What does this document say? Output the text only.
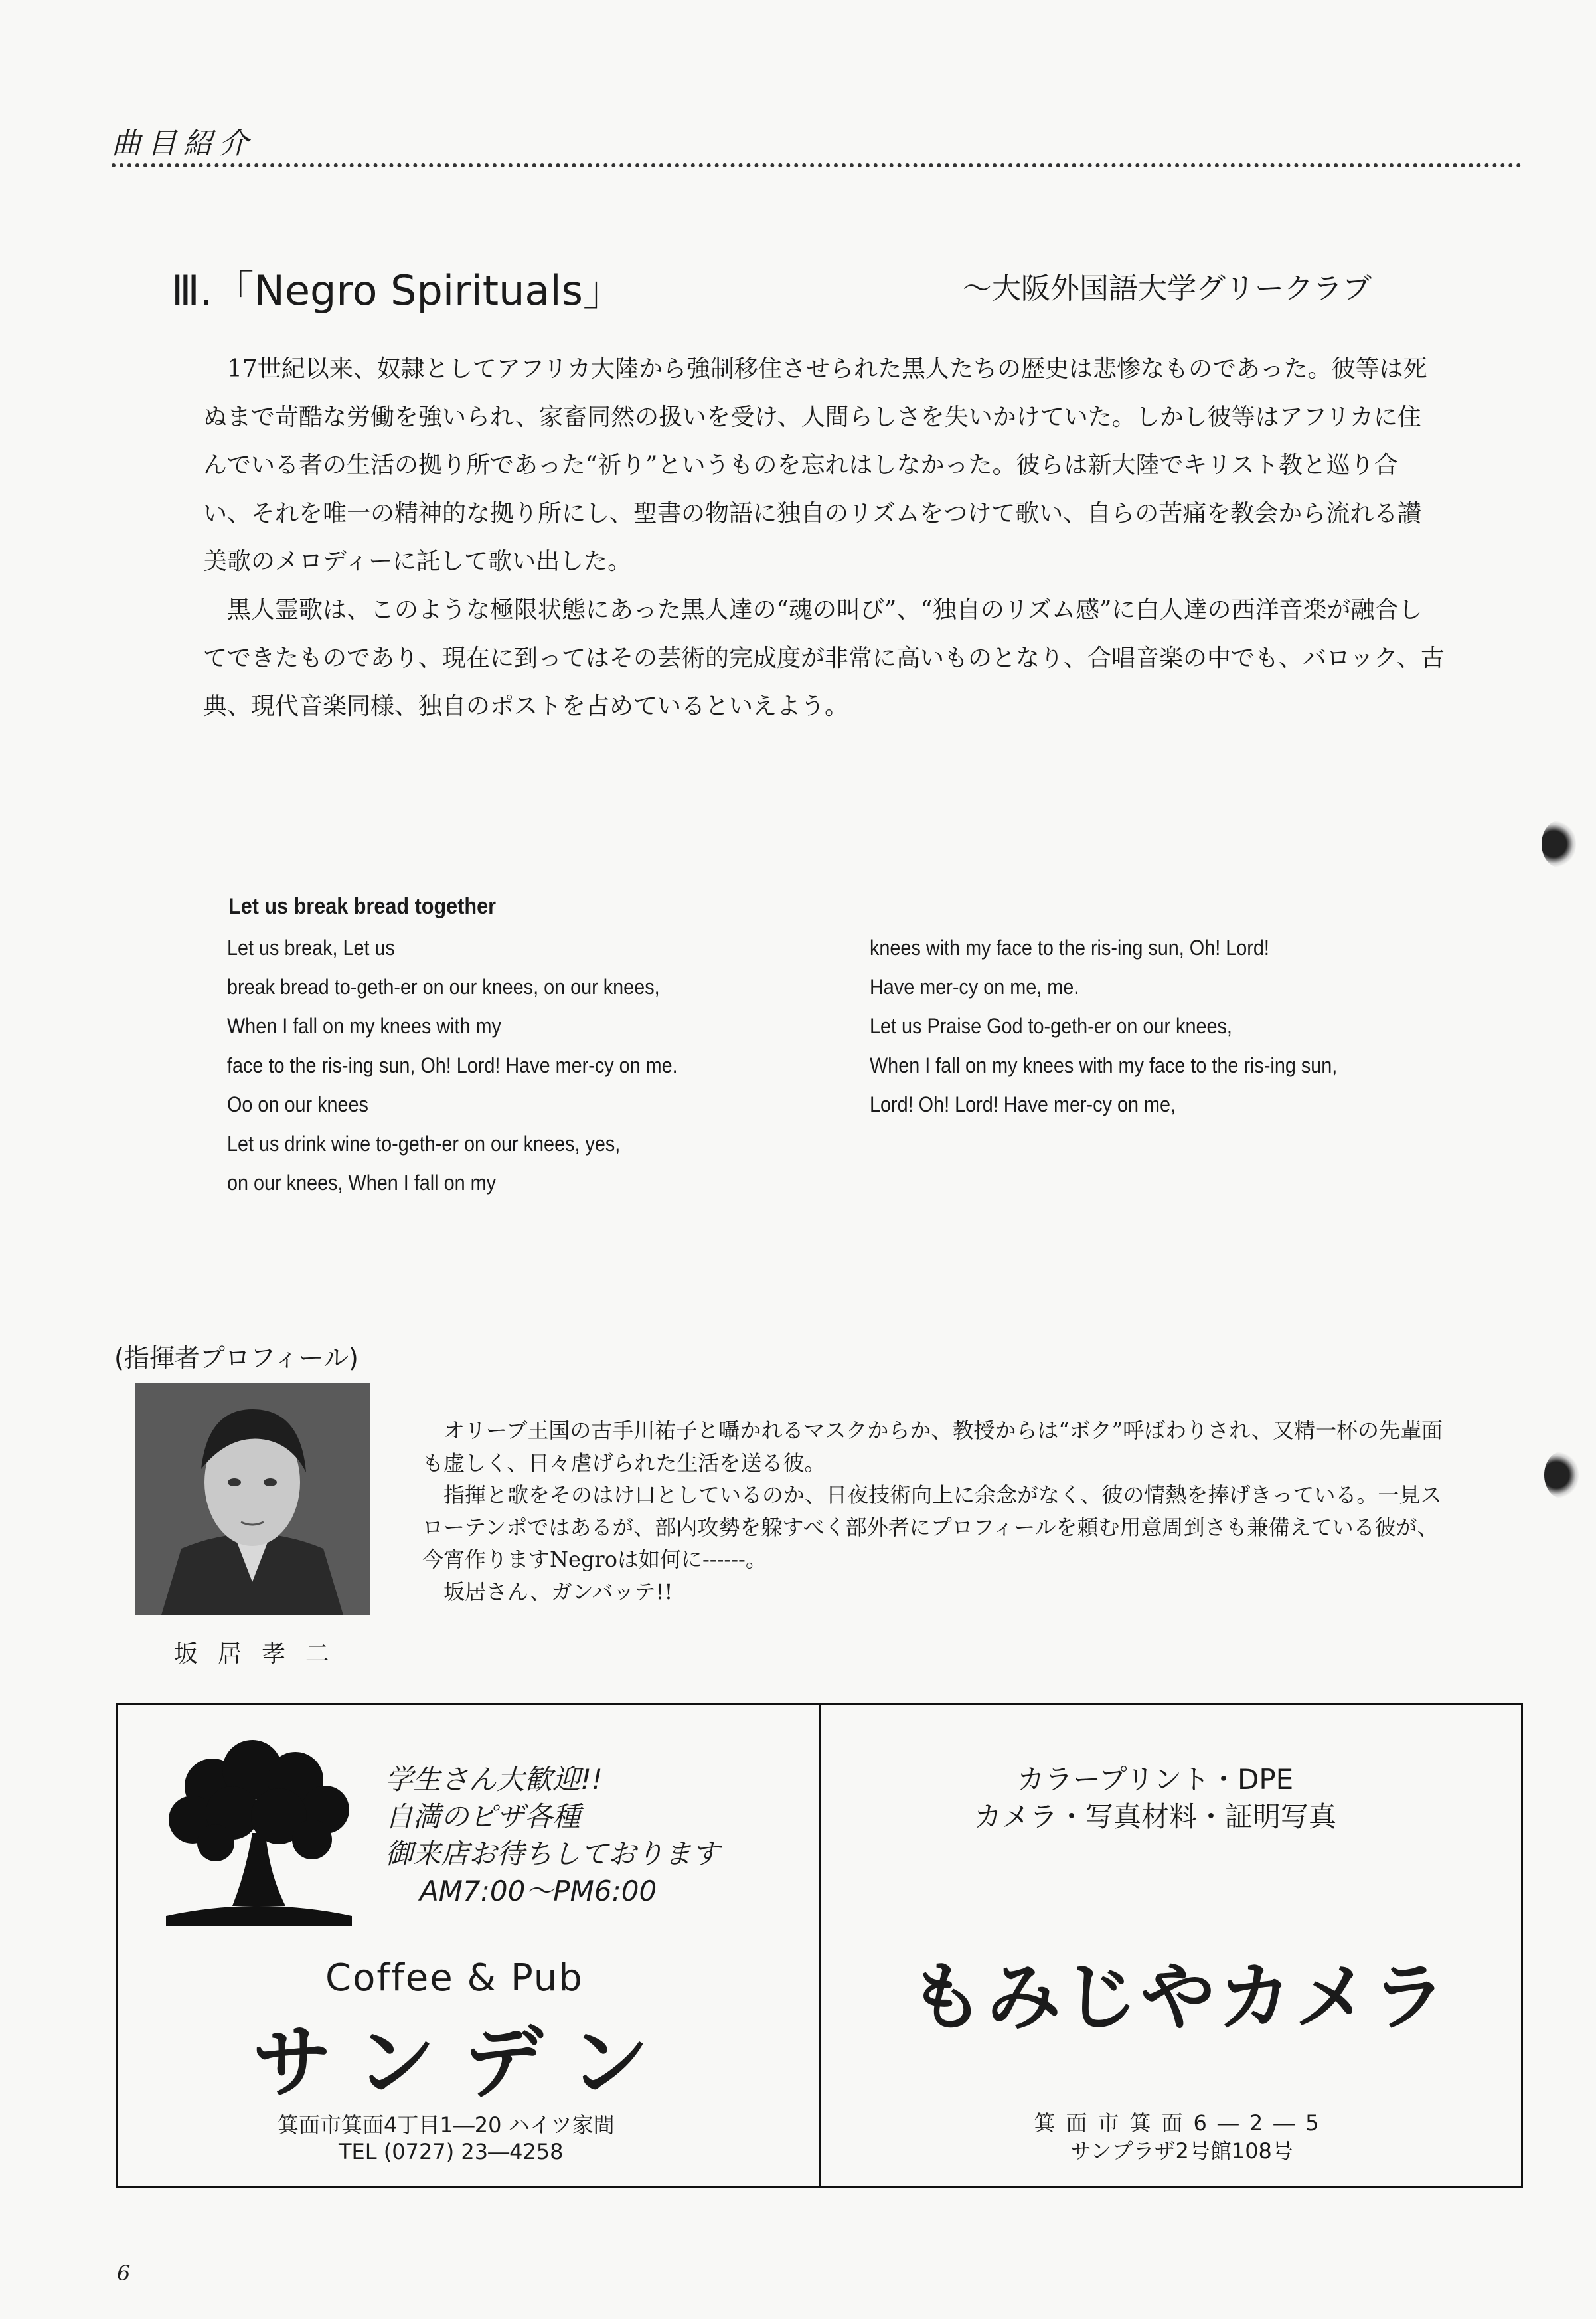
曲目紹介
Ⅲ.「Negro Spirituals」	〜大阪外国語大学グリークラブ

17世紀以来、奴隷としてアフリカ大陸から強制移住させられた黒人たちの歴史は悲惨なものであった。彼等は死ぬまで苛酷な労働を強いられ、家畜同然の扱いを受け、人間らしさを失いかけていた。しかし彼等はアフリカに住んでいる者の生活の拠り所であった“祈り”というものを忘れはしなかった。彼らは新大陸でキリスト教と巡り合い、それを唯一の精神的な拠り所にし、聖書の物語に独自のリズムをつけて歌い、自らの苦痛を教会から流れる讃美歌のメロディーに託して歌い出した。

黒人霊歌は、このような極限状態にあった黒人達の“魂の叫び”、“独自のリズム感”に白人達の西洋音楽が融合してできたものであり、現在に到ってはその芸術的完成度が非常に高いものとなり、合唱音楽の中でも、バロック、古典、現代音楽同様、独自のポストを占めているといえよう。

Let us break bread together
Let us break, Let us
break bread to-geth-er on our knees, on our knees,
When I fall on my knees with my
face to the ris-ing sun, Oh! Lord! Have mer-cy on me.
Oo on our knees
Let us drink wine to-geth-er on our knees, yes,
on our knees, When I fall on my
knees with my face to the ris-ing sun, Oh! Lord!
Have mer-cy on me, me.
Let us Praise God to-geth-er on our knees,
When I fall on my knees with my face to the ris-ing sun,
Lord! Oh! Lord! Have mer-cy on me,
(指揮者プロフィール)
坂居孝二

オリーブ王国の古手川祐子と囁かれるマスクからか、教授からは“ボク”呼ばわりされ、又精一杯の先輩面も虚しく、日々虐げられた生活を送る彼。

指揮と歌をそのはけ口としているのか、日夜技術向上に余念がなく、彼の情熱を捧げきっている。一見スローテンポではあるが、部内攻勢を躱すべく部外者にプロフィールを頼む用意周到さも兼備えている彼が、今宵作りますNegroは如何に------。

坂居さん、ガンバッテ!!

学生さん大歓迎!!
自満のピザ各種
御来店お待ちしております
AM7:00〜PM6:00
Coffee & Pub
サンデン
箕面市箕面4丁目1―20 ハイツ家間
TEL (0727) 23―4258
カラープリント・DPE
カメラ・写真材料・証明写真
もみじやカメラ
箕面市箕面6―2―5
サンプラザ2号館108号
6
